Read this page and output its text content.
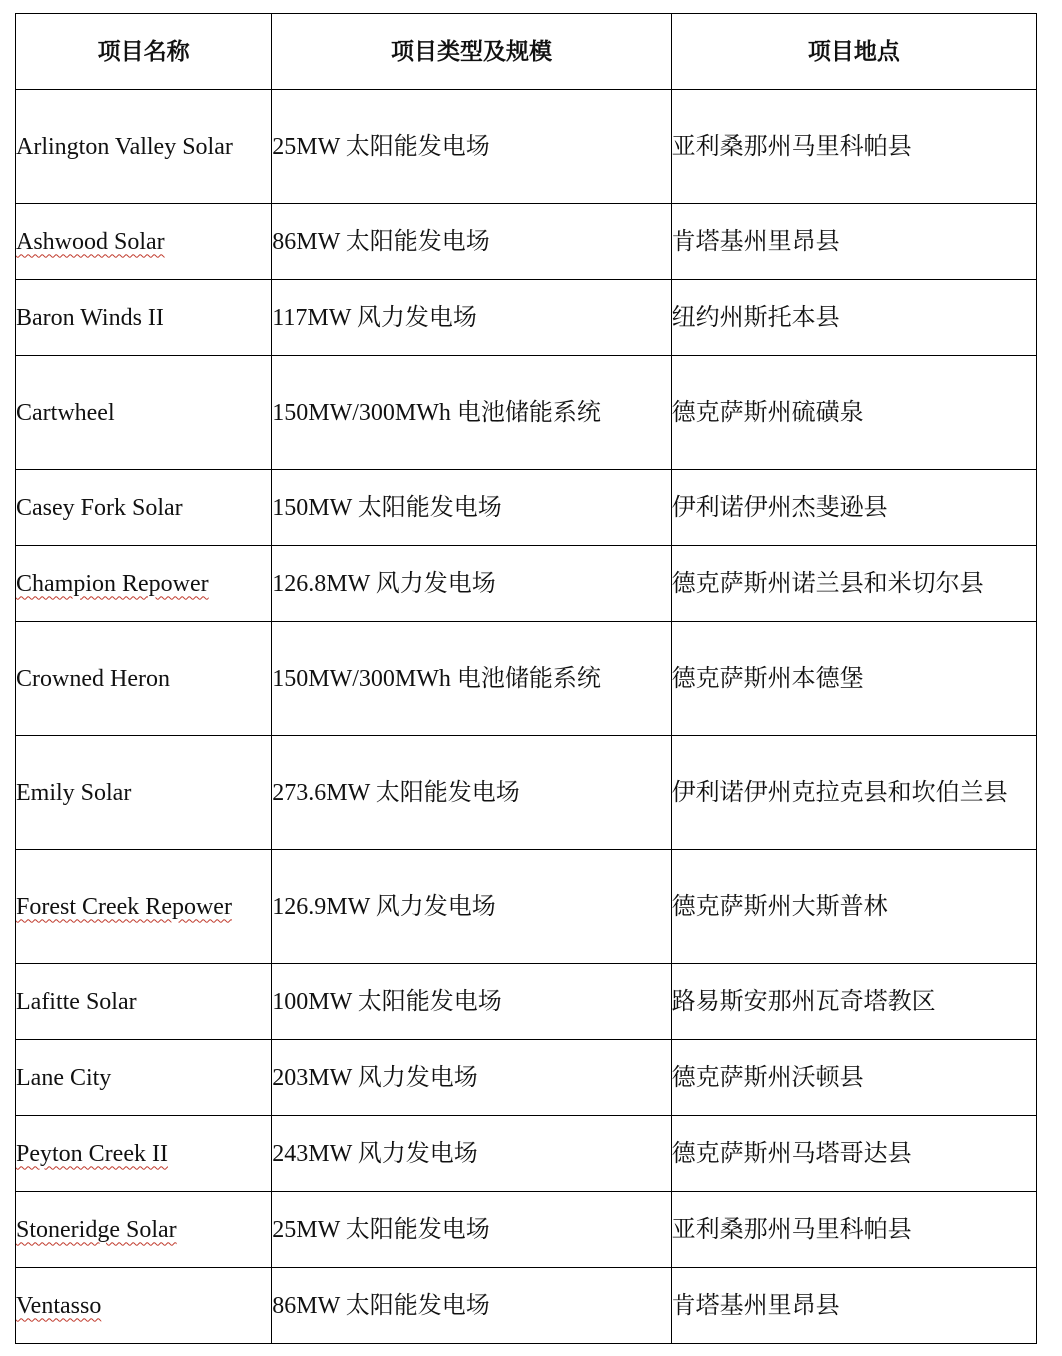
项目名称	项目类型及规模	项目地点
Arlington Valley Solar	25MW 太阳能发电场	亚利桑那州马里科帕县
Ashwood Solar	86MW 太阳能发电场	肯塔基州里昂县
Baron Winds II	117MW 风力发电场	纽约州斯托本县
Cartwheel	150MW/300MWh 电池储能系统	德克萨斯州硫磺泉
Casey Fork Solar	150MW 太阳能发电场	伊利诺伊州杰斐逊县
Champion Repower	126.8MW 风力发电场	德克萨斯州诺兰县和米切尔县
Crowned Heron	150MW/300MWh 电池储能系统	德克萨斯州本德堡
Emily Solar	273.6MW 太阳能发电场	伊利诺伊州克拉克县和坎伯兰县
Forest Creek Repower	126.9MW 风力发电场	德克萨斯州大斯普林
Lafitte Solar	100MW 太阳能发电场	路易斯安那州瓦奇塔教区
Lane City	203MW 风力发电场	德克萨斯州沃顿县
Peyton Creek II	243MW 风力发电场	德克萨斯州马塔哥达县
Stoneridge Solar	25MW 太阳能发电场	亚利桑那州马里科帕县
Ventasso	86MW 太阳能发电场	肯塔基州里昂县
